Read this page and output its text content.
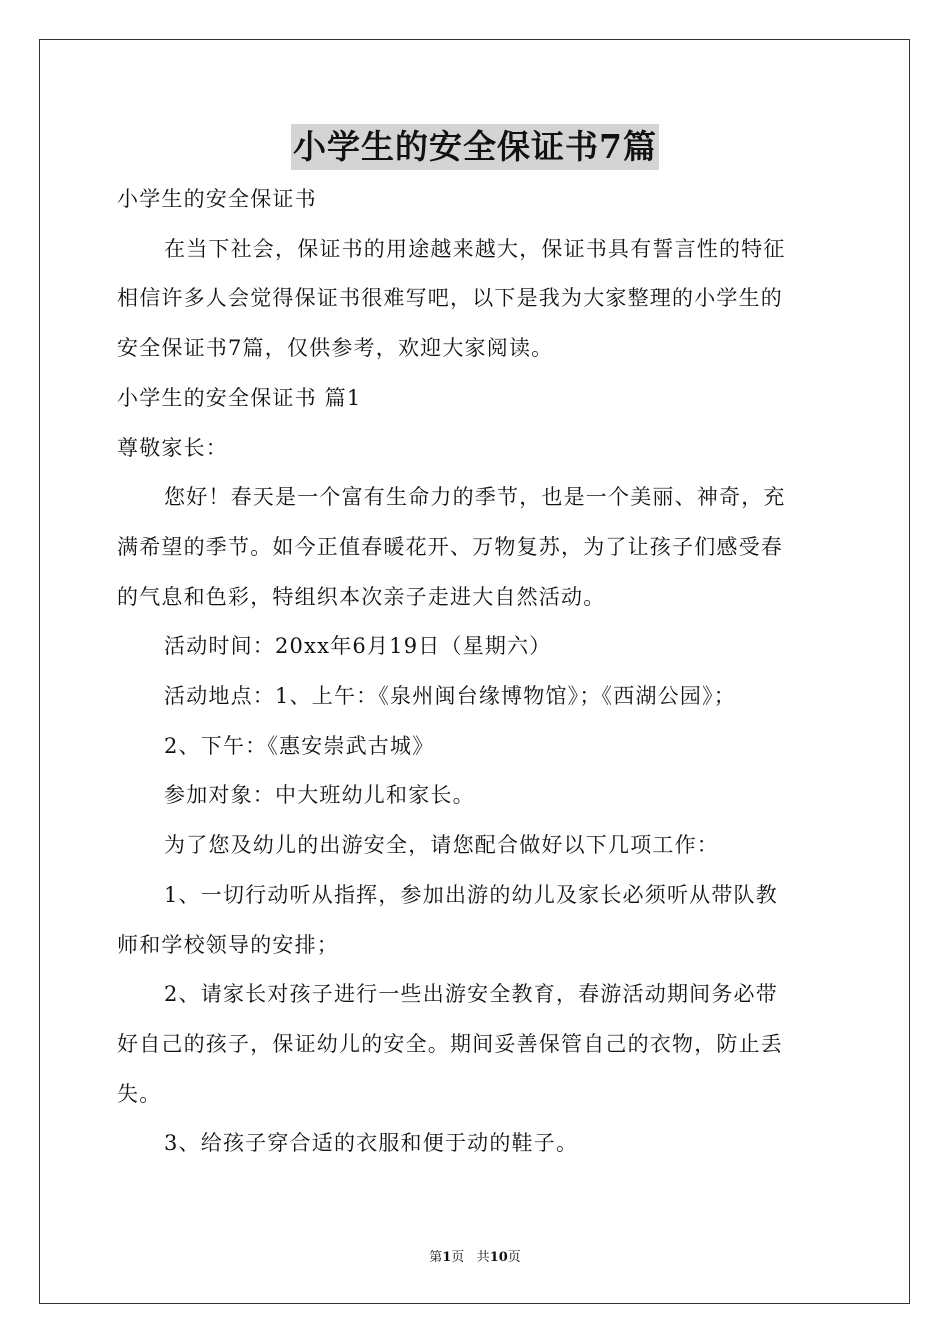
小学生的安全保证书7篇
小学生的安全保证书
在当下社会，保证书的用途越来越大，保证书具有誓言性的特征
相信许多人会觉得保证书很难写吧，以下是我为大家整理的小学生的
安全保证书7篇，仅供参考，欢迎大家阅读。
小学生的安全保证书 篇1
尊敬家长：
您好！春天是一个富有生命力的季节，也是一个美丽、神奇，充
满希望的季节。如今正值春暖花开、万物复苏，为了让孩子们感受春
的气息和色彩，特组织本次亲子走进大自然活动。
活动时间：20xx年6月19日（星期六）
活动地点：1、上午：《泉州闽台缘博物馆》；《西湖公园》；
2、下午：《惠安崇武古城》
参加对象：中大班幼儿和家长。
为了您及幼儿的出游安全，请您配合做好以下几项工作：
1、一切行动听从指挥，参加出游的幼儿及家长必须听从带队教
师和学校领导的安排；
2、请家长对孩子进行一些出游安全教育，春游活动期间务必带
好自己的孩子，保证幼儿的安全。期间妥善保管自己的衣物，防止丢
失。
3、给孩子穿合适的衣服和便于动的鞋子。
第1页 共10页
